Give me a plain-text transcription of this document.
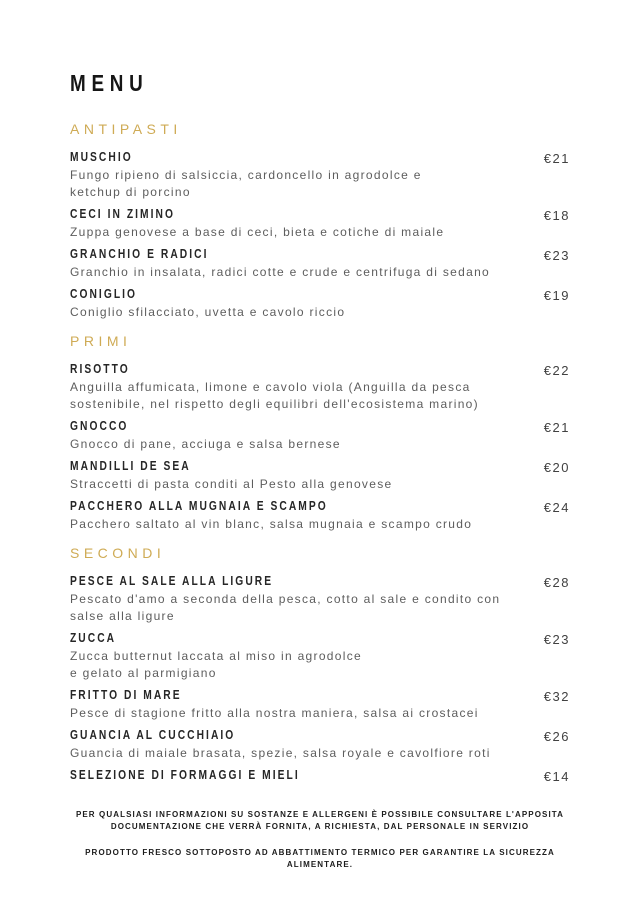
MENU
ANTIPASTI
MUSCHIO
Fungo ripieno di salsiccia, cardoncello in agrodolce e
ketchup di porcino
€21
CECI IN ZIMINO
Zuppa genovese a base di ceci, bieta e cotiche di maiale
€18
GRANCHIO E RADICI
Granchio in insalata, radici cotte e crude e centrifuga di sedano
€23
CONIGLIO
Coniglio sfilacciato, uvetta e cavolo riccio
€19
PRIMI
RISOTTO
Anguilla affumicata, limone e cavolo viola (Anguilla da pesca
sostenibile, nel rispetto degli equilibri dell'ecosistema marino)
€22
GNOCCO
Gnocco di pane, acciuga e salsa bernese
€21
MANDILLI DE SEA
Straccetti di pasta conditi al Pesto alla genovese
€20
PACCHERO ALLA MUGNAIA E SCAMPO
Pacchero saltato al vin blanc, salsa mugnaia e scampo crudo
€24
SECONDI
PESCE AL SALE ALLA LIGURE
Pescato d'amo a seconda della pesca, cotto al sale e condito con
salse alla ligure
€28
ZUCCA
Zucca butternut laccata al miso in agrodolce
e gelato al parmigiano
€23
FRITTO DI MARE
Pesce di stagione fritto alla nostra maniera, salsa ai crostacei
€32
GUANCIA AL CUCCHIAIO
Guancia di maiale brasata, spezie, salsa royale e cavolfiore roti
€26
SELEZIONE DI FORMAGGI E MIELI	€14
PER QUALSIASI INFORMAZIONI SU SOSTANZE E ALLERGENI È POSSIBILE CONSULTARE L'APPOSITA
DOCUMENTAZIONE CHE VERRÀ FORNITA, A RICHIESTA, DAL PERSONALE IN SERVIZIO
PRODOTTO FRESCO SOTTOPOSTO AD ABBATTIMENTO TERMICO PER GARANTIRE LA SICUREZZA ALIMENTARE.
